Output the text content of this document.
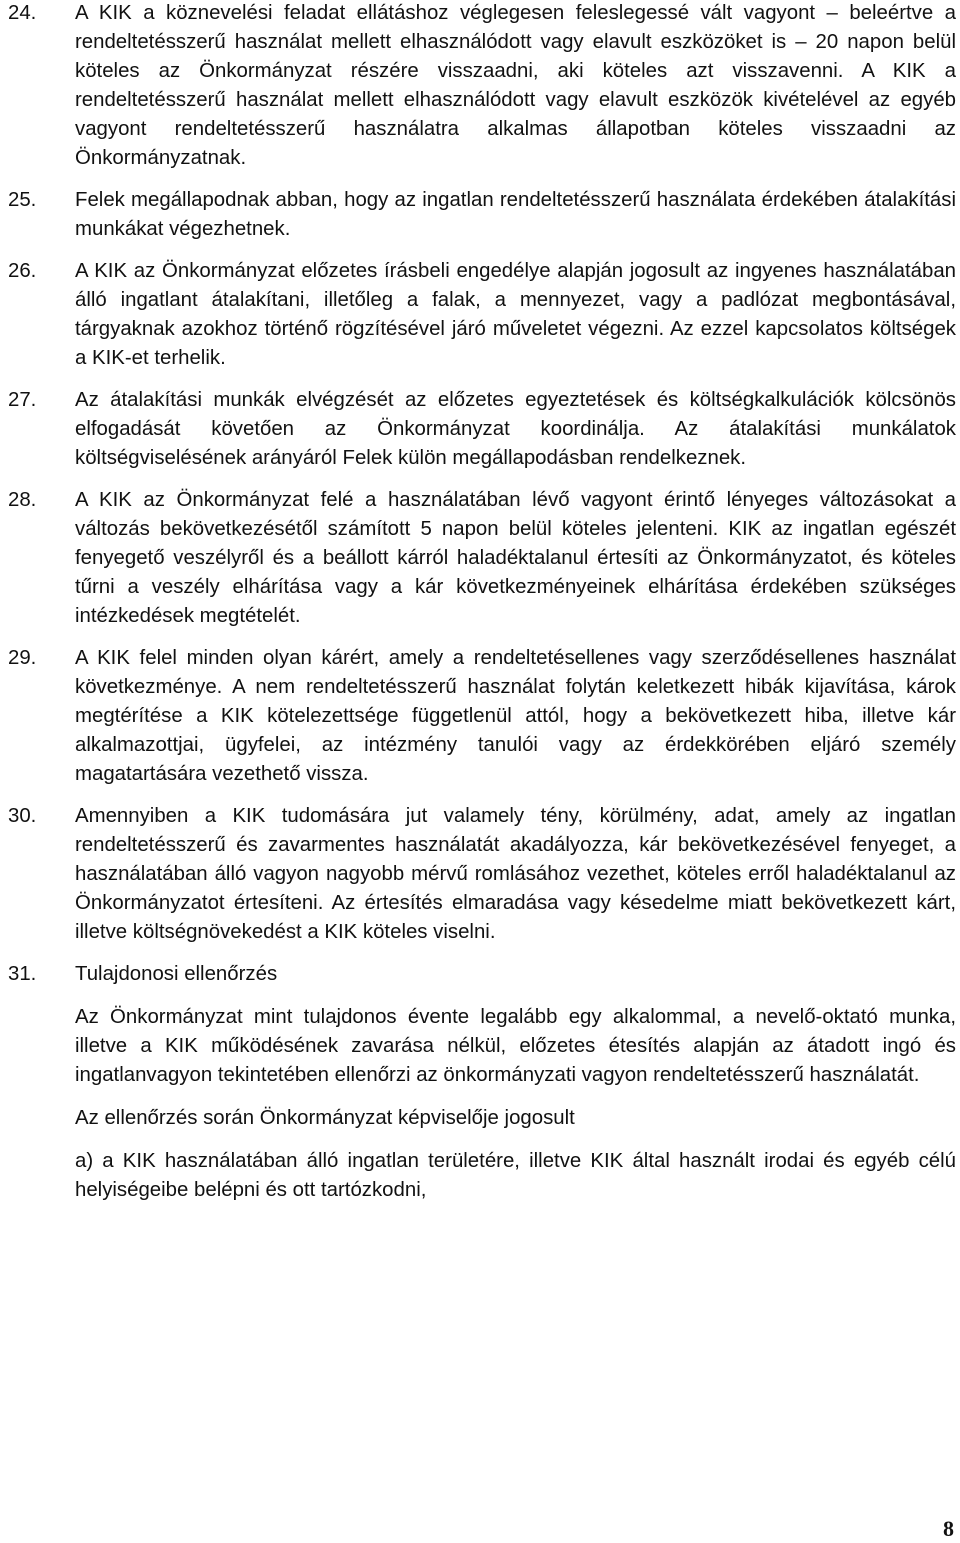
24.	A KIK a köznevelési feladat ellátáshoz véglegesen feleslegessé vált vagyont – beleértve a rendeltetésszerű használat mellett elhasználódott vagy elavult eszközöket is – 20 napon belül köteles az Önkormányzat részére visszaadni, aki köteles azt visszavenni. A KIK a rendeltetésszerű használat mellett elhasználódott vagy elavult eszközök kivételével az egyéb vagyont rendeltetésszerű használatra alkalmas állapotban köteles visszaadni az Önkormányzatnak.

25.	Felek megállapodnak abban, hogy az ingatlan rendeltetésszerű használata érdekében átalakítási munkákat végezhetnek.

26.	A KIK az Önkormányzat előzetes írásbeli engedélye alapján jogosult az ingyenes használatában álló ingatlant átalakítani, illetőleg a falak, a mennyezet, vagy a padlózat megbontásával, tárgyaknak azokhoz történő rögzítésével járó műveletet végezni. Az ezzel kapcsolatos költségek a KIK-et terhelik.

27.	Az átalakítási munkák elvégzését az előzetes egyeztetések és költségkalkulációk kölcsönös elfogadását követően az Önkormányzat koordinálja. Az átalakítási munkálatok költségviselésének arányáról Felek külön megállapodásban rendelkeznek.

28.	A KIK az Önkormányzat felé a használatában lévő vagyont érintő lényeges változásokat a változás bekövetkezésétől számított 5 napon belül köteles jelenteni. KIK az ingatlan egészét fenyegető veszélyről és a beállott kárról haladéktalanul értesíti az Önkormányzatot, és köteles tűrni a veszély elhárítása vagy a kár következményeinek elhárítása érdekében szükséges intézkedések megtételét.

29.	A KIK felel minden olyan kárért, amely a rendeltetésellenes vagy szerződésellenes használat következménye. A nem rendeltetésszerű használat folytán keletkezett hibák kijavítása, károk megtérítése a KIK kötelezettsége függetlenül attól, hogy a bekövetkezett hiba, illetve kár alkalmazottjai, ügyfelei, az intézmény tanulói vagy az érdekkörében eljáró személy magatartására vezethető vissza.

30.	Amennyiben a KIK tudomására jut valamely tény, körülmény, adat, amely az ingatlan rendeltetésszerű és zavarmentes használatát akadályozza, kár bekövetkezésével fenyeget, a használatában álló vagyon nagyobb mérvű romlásához vezethet, köteles erről haladéktalanul az Önkormányzatot értesíteni. Az értesítés elmaradása vagy késedelme miatt bekövetkezett kárt, illetve költségnövekedést a KIK köteles viselni.

31.	Tulajdonosi ellenőrzés

Az Önkormányzat mint tulajdonos évente legalább egy alkalommal, a nevelő-oktató munka, illetve a KIK működésének zavarása nélkül, előzetes étesítés alapján az átadott ingó és ingatlanvagyon tekintetében ellenőrzi az önkormányzati vagyon rendeltetésszerű használatát.

Az ellenőrzés során Önkormányzat képviselője jogosult

a) a KIK használatában álló ingatlan területére, illetve KIK által használt irodai és egyéb célú helyiségeibe belépni és ott tartózkodni,

8
